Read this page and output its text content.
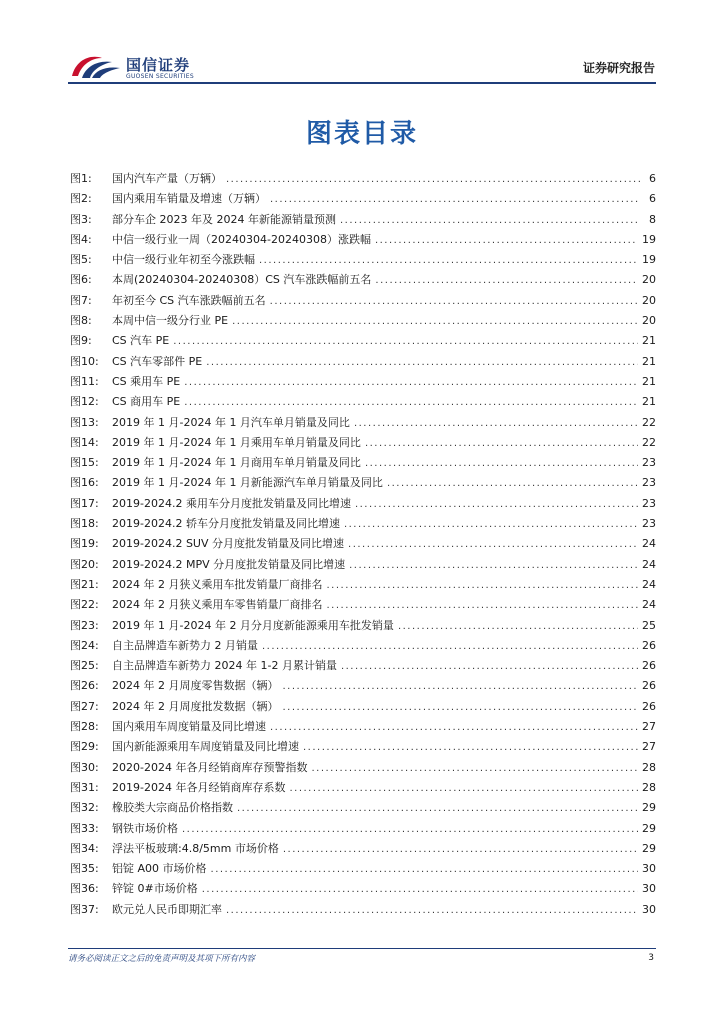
国信证券
GUOSEN SECURITIES
证券研究报告
图表目录
图1:	国内汽车产量（万辆） .....	6
图2:	国内乘用车销量及增速（万辆） .....	6
图3:	部分车企 2023 年及 2024 年新能源销量预测 .....	8
图4:	中信一级行业一周（20240304-20240308）涨跌幅 .....	19
图5:	中信一级行业年初至今涨跌幅 .....	19
图6:	本周(20240304-20240308）CS 汽车涨跌幅前五名 .....	20
图7:	年初至今 CS 汽车涨跌幅前五名 .....	20
图8:	本周中信一级分行业 PE .....	20
图9:	CS 汽车 PE .....	21
图10:	CS 汽车零部件 PE .....	21
图11:	CS 乘用车 PE .....	21
图12:	CS 商用车 PE .....	21
图13:	2019 年 1 月-2024 年 1 月汽车单月销量及同比 .....	22
图14:	2019 年 1 月-2024 年 1 月乘用车单月销量及同比 .....	22
图15:	2019 年 1 月-2024 年 1 月商用车单月销量及同比 .....	23
图16:	2019 年 1 月-2024 年 1 月新能源汽车单月销量及同比 .....	23
图17:	2019-2024.2 乘用车分月度批发销量及同比增速 .....	23
图18:	2019-2024.2 轿车分月度批发销量及同比增速 .....	23
图19:	2019-2024.2 SUV 分月度批发销量及同比增速 .....	24
图20:	2019-2024.2 MPV 分月度批发销量及同比增速 .....	24
图21:	2024 年 2 月狭义乘用车批发销量厂商排名 .....	24
图22:	2024 年 2 月狭义乘用车零售销量厂商排名 .....	24
图23:	2019 年 1 月-2024 年 2 月分月度新能源乘用车批发销量 .....	25
图24:	自主品牌造车新势力 2 月销量 .....	26
图25:	自主品牌造车新势力 2024 年 1-2 月累计销量 .....	26
图26:	2024 年 2 月周度零售数据（辆） .....	26
图27:	2024 年 2 月周度批发数据（辆） .....	26
图28:	国内乘用车周度销量及同比增速 .....	27
图29:	国内新能源乘用车周度销量及同比增速 .....	27
图30:	2020-2024 年各月经销商库存预警指数 .....	28
图31:	2019-2024 年各月经销商库存系数 .....	28
图32:	橡胶类大宗商品价格指数 .....	29
图33:	钢铁市场价格 .....	29
图34:	浮法平板玻璃:4.8/5mm 市场价格 .....	29
图35:	铝锭 A00 市场价格 .....	30
图36:	锌锭 0#市场价格 .....	30
图37:	欧元兑人民币即期汇率 .....	30
请务必阅读正文之后的免责声明及其项下所有内容	3
